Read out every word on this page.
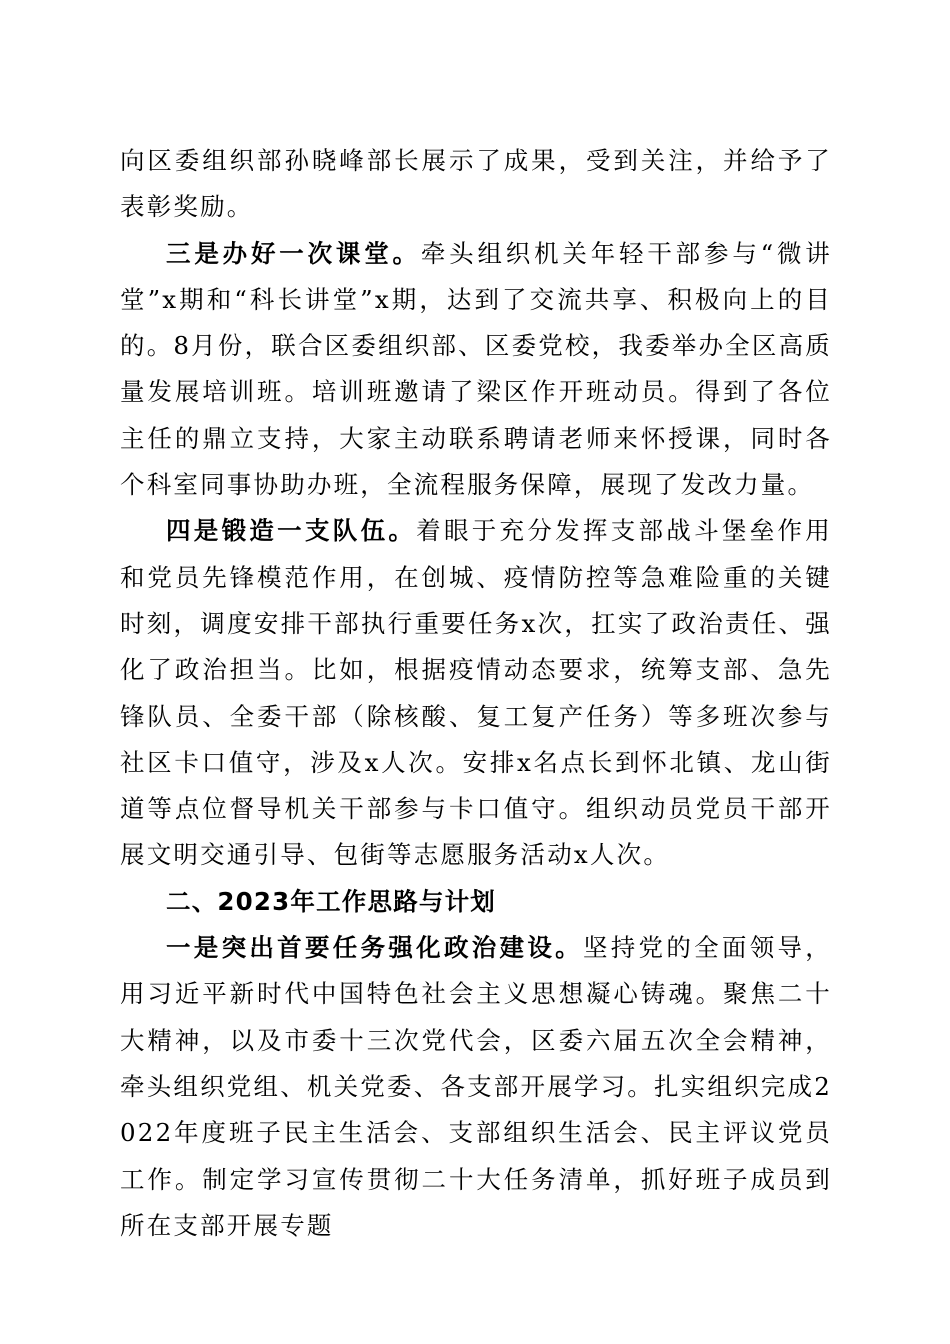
向区委组织部孙晓峰部长展示了成果，受到关注，并给予了表彰奖励。

三是办好一次课堂。牵头组织机关年轻干部参与“微讲堂”x期和“科长讲堂”x期，达到了交流共享、积极向上的目的。8月份，联合区委组织部、区委党校，我委举办全区高质量发展培训班。培训班邀请了梁区作开班动员。得到了各位主任的鼎立支持，大家主动联系聘请老师来怀授课，同时各个科室同事协助办班，全流程服务保障，展现了发改力量。

四是锻造一支队伍。着眼于充分发挥支部战斗堡垒作用和党员先锋模范作用，在创城、疫情防控等急难险重的关键时刻，调度安排干部执行重要任务x次，扛实了政治责任、强化了政治担当。比如，根据疫情动态要求，统筹支部、急先锋队员、全委干部（除核酸、复工复产任务）等多班次参与社区卡口值守，涉及x人次。安排x名点长到怀北镇、龙山街道等点位督导机关干部参与卡口值守。组织动员党员干部开展文明交通引导、包街等志愿服务活动x人次。

二、2023年工作思路与计划

一是突出首要任务强化政治建设。坚持党的全面领导，用习近平新时代中国特色社会主义思想凝心铸魂。聚焦二十大精神，以及市委十三次党代会，区委六届五次全会精神，牵头组织党组、机关党委、各支部开展学习。扎实组织完成2022年度班子民主生活会、支部组织生活会、民主评议党员工作。制定学习宣传贯彻二十大任务清单，抓好班子成员到所在支部开展专题
